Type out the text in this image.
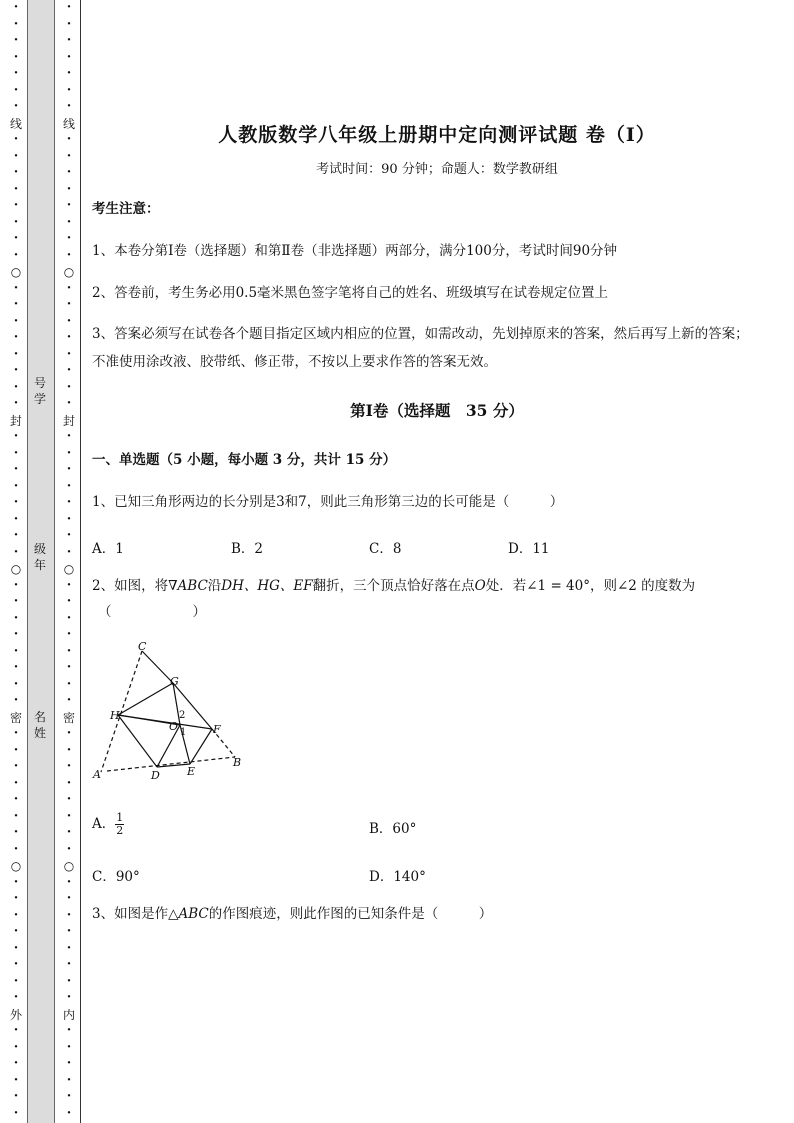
·
·
·
·
·
·
·
线
·
·
·
·
·
·
·
·
○
·
·
·
·
·
·
·
·
封
·
·
·
·
·
·
·
·
○
·
·
·
·
·
·
·
·
密
·
·
·
·
·
·
·
·
○
·
·
·
·
·
·
·
·
外
·
·
·
·
·
·
·
·
·
·
·
·
·
线
·
·
·
·
·
·
·
·
○
·
·
·
·
·
·
·
·
封
·
·
·
·
·
·
·
·
○
·
·
·
·
·
·
·
·
密
·
·
·
·
·
·
·
·
○
·
·
·
·
·
·
·
·
内
·
·
·
·
·
·
号学
级年
名姓
人教版数学八年级上册期中定向测评试题 卷（Ⅰ）
考试时间：90 分钟；命题人：数学教研组
考生注意：
1、本卷分第Ⅰ卷（选择题）和第Ⅱ卷（非选择题）两部分，满分100分，考试时间90分钟
2、答卷前，考生务必用0.5毫米黑色签字笔将自己的姓名、班级填写在试卷规定位置上
3、答案必须写在试卷各个题目指定区域内相应的位置，如需改动，先划掉原来的答案，然后再写上新的答案；不准使用涂改液、胶带纸、修正带，不按以上要求作答的答案无效。
第Ⅰ卷（选择题　35 分）
一、单选题（5 小题，每小题 3 分，共计 15 分）
1、已知三角形两边的长分别是3和7，则此三角形第三边的长可能是（　　　）
A．1	B．2	C．8	D．11
2、如图，将∇ABC沿DH、HG、EF翻折，三个顶点恰好落在点O处．若∠1 = 40°，则∠2 的度数为
（　　　　　　）
C
A
B
G
H
F
D E
O
2
1
A． $\frac{1}{2}$	B．60°
C．90°	D．140°
3、如图是作△ABC的作图痕迹，则此作图的已知条件是（　　　）
